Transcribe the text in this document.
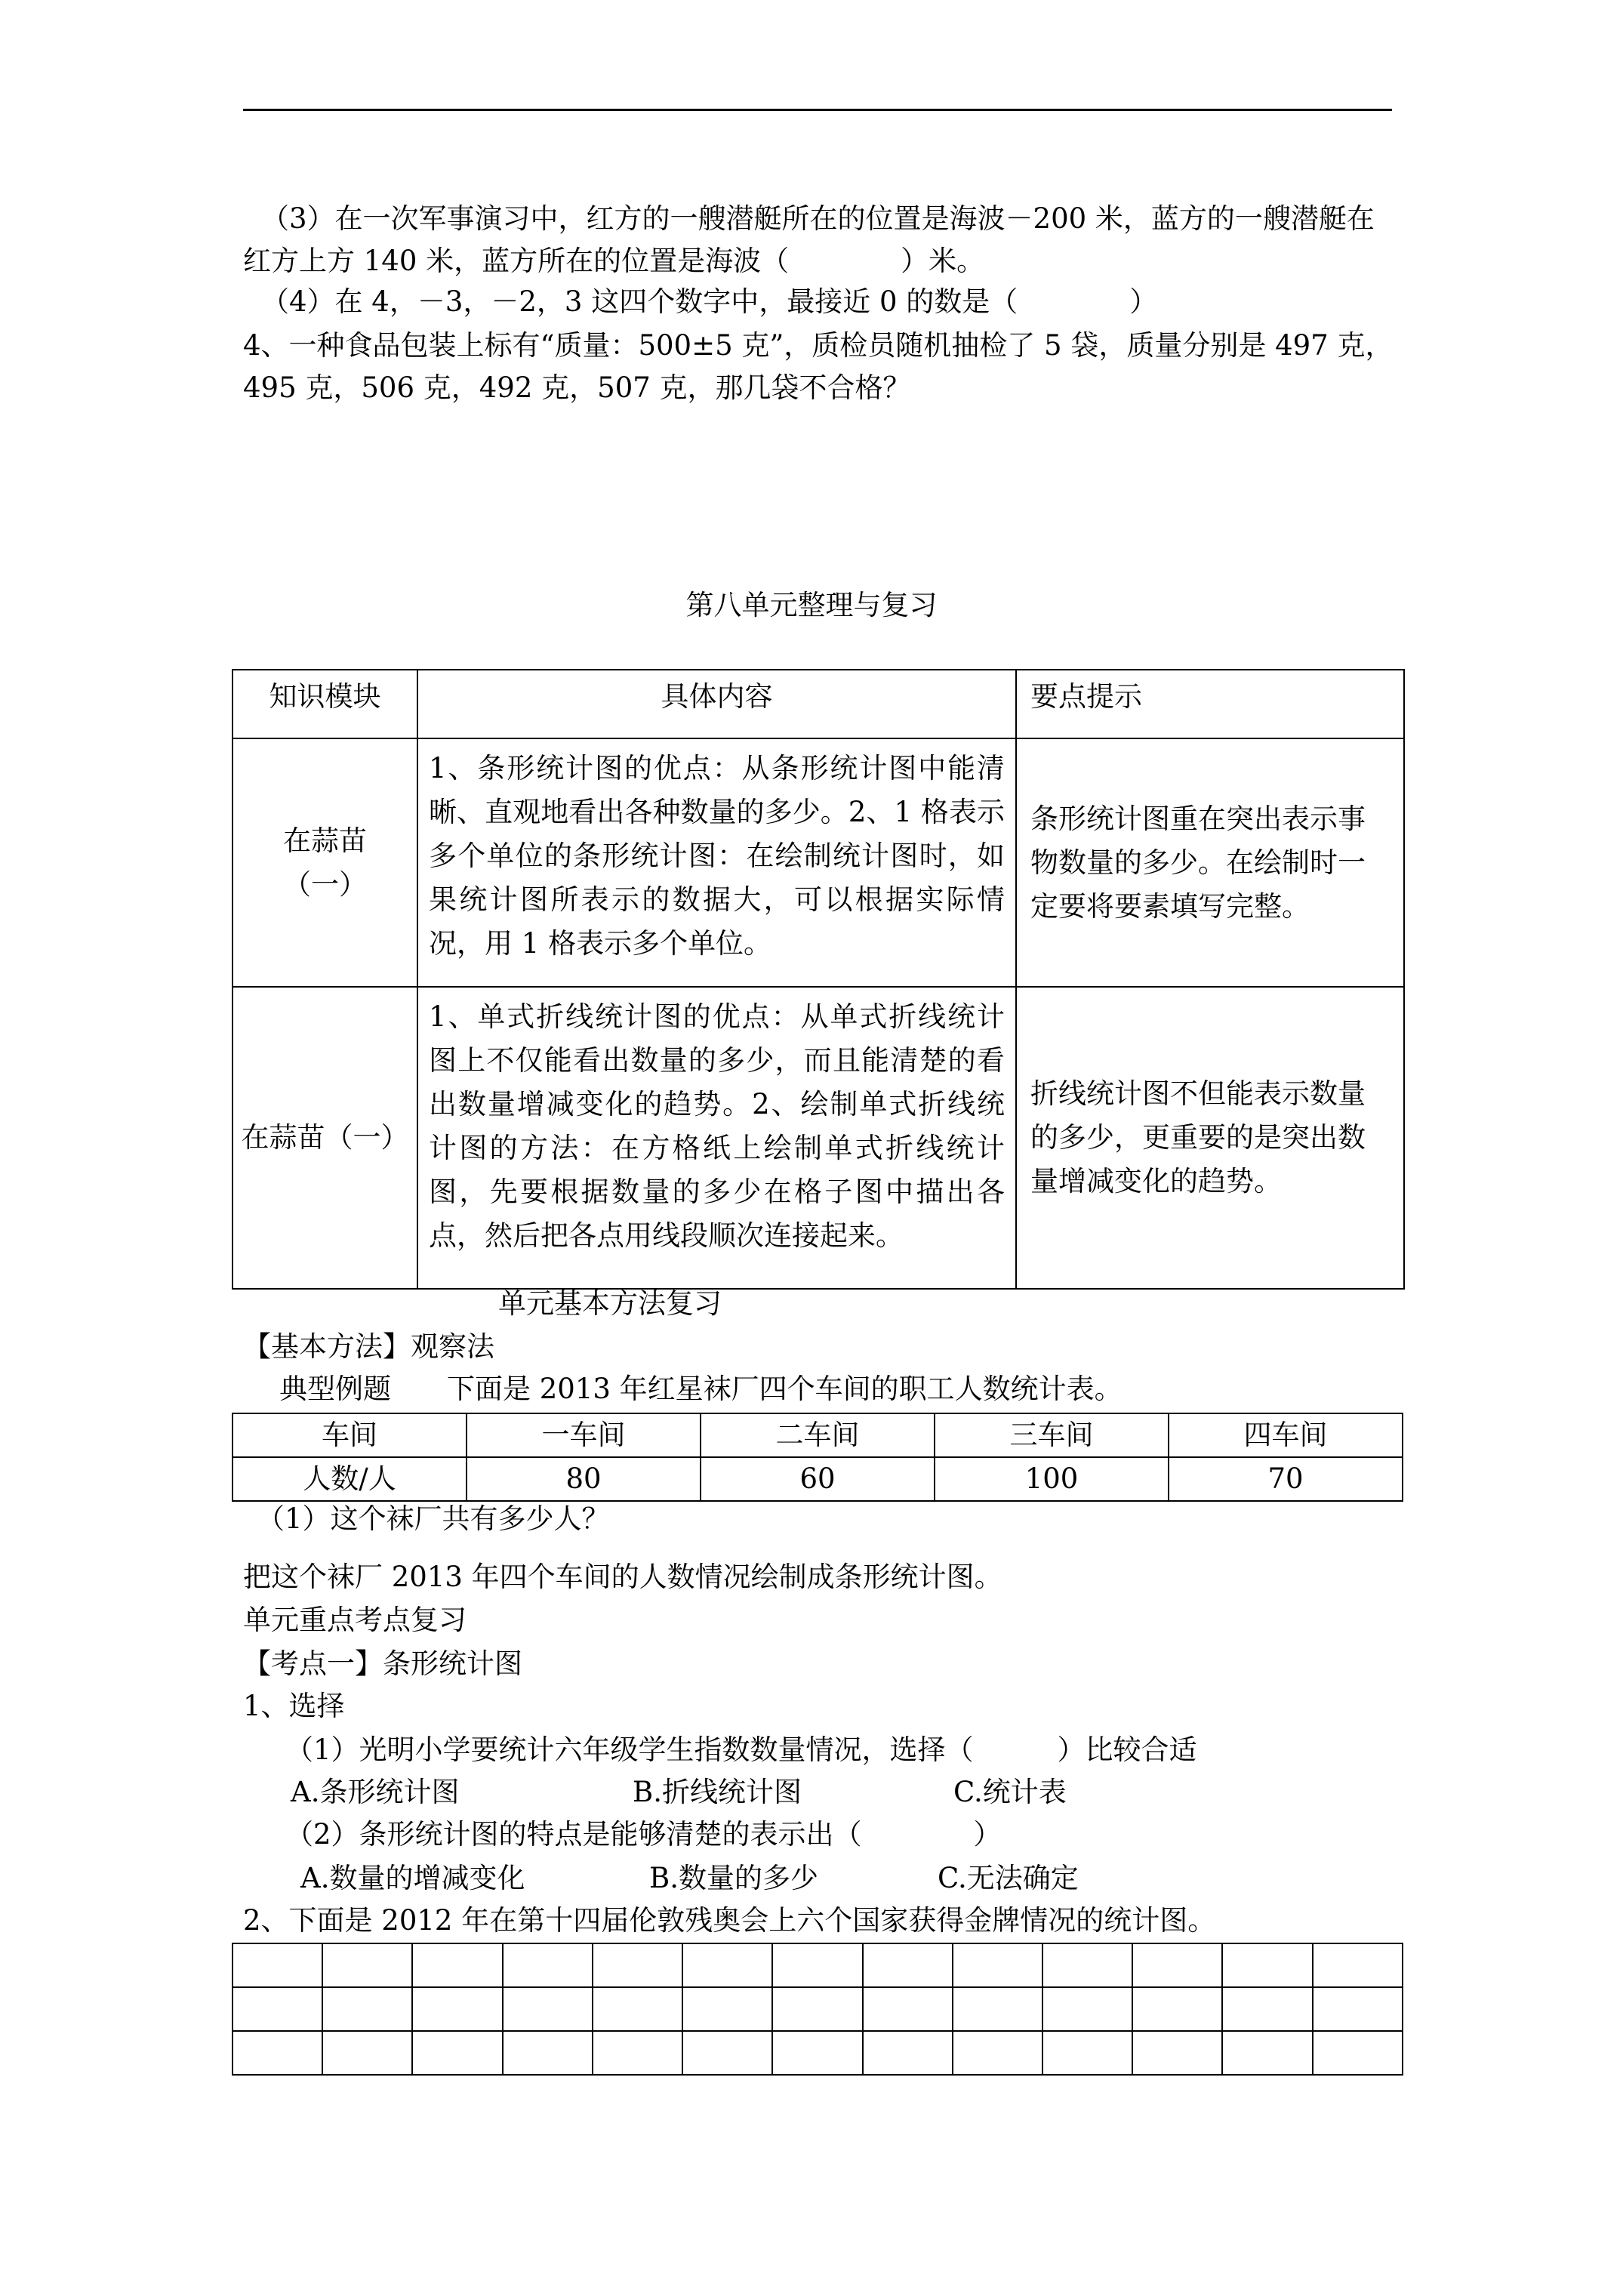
（3）在一次军事演习中，红方的一艘潜艇所在的位置是海波－200 米，蓝方的一艘潜艇在
红方上方 140 米，蓝方所在的位置是海波（　　　　）米。
（4）在 4，－3，－2，3 这四个数字中，最接近 0 的数是（　　　　）
4、一种食品包装上标有“质量：500±5 克”，质检员随机抽检了 5 袋，质量分别是 497 克，
495 克，506 克，492 克，507 克，那几袋不合格？
第八单元整理与复习
知识模块	具体内容	要点提示

在蒜苗
（一）	1、条形统计图的优点：从条形统计图中能清晰、直观地看出各种数量的多少。2、1 格表示多个单位的条形统计图：在绘制统计图时，如果统计图所表示的数据大，可以根据实际情况，用 1 格表示多个单位。	条形统计图重在突出表示事物数量的多少。在绘制时一定要将要素填写完整。
在蒜苗（一）	1、单式折线统计图的优点：从单式折线统计图上不仅能看出数量的多少，而且能清楚的看出数量增减变化的趋势。2、绘制单式折线统计图的方法：在方格纸上绘制单式折线统计图，先要根据数量的多少在格子图中描出各点，然后把各点用线段顺次连接起来。	折线统计图不但能表示数量的多少，更重要的是突出数量增减变化的趋势。
单元基本方法复习
【基本方法】观察法
典型例题　　下面是 2013 年红星袜厂四个车间的职工人数统计表。
车间	一车间	二车间	三车间	四车间
人数/人	80	60	100	70
（1）这个袜厂共有多少人？
把这个袜厂 2013 年四个车间的人数情况绘制成条形统计图。
单元重点考点复习
【考点一】条形统计图
1、选择
（1）光明小学要统计六年级学生指数数量情况，选择（　　　）比较合适
A.条形统计图	B.折线统计图	C.统计表
（2）条形统计图的特点是能够清楚的表示出（　　　　）
A.数量的增减变化	B.数量的多少	C.无法确定
2、下面是 2012 年在第十四届伦敦残奥会上六个国家获得金牌情况的统计图。
